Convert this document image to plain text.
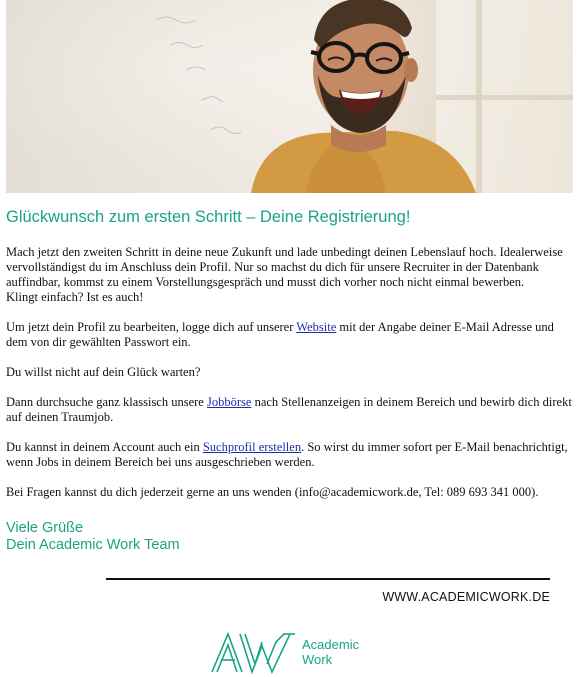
Glückwunsch zum ersten Schritt – Deine Registrierung!

Mach jetzt den zweiten Schritt in deine neue Zukunft und lade unbedingt deinen Lebenslauf hoch. Idealerweise vervollständigst du im Anschluss dein Profil. Nur so machst du dich für unsere Recruiter in der Datenbank auffindbar, kommst zu einem Vorstellungsgespräch und musst dich vorher noch nicht einmal bewerben.
Klingt einfach? Ist es auch!

Um jetzt dein Profil zu bearbeiten, logge dich auf unserer Website mit der Angabe deiner E-Mail Adresse und dem von dir gewählten Passwort ein.

Du willst nicht auf dein Glück warten?

Dann durchsuche ganz klassisch unsere Jobbörse nach Stellenanzeigen in deinem Bereich und bewirb dich direkt auf deinen Traumjob.

Du kannst in deinem Account auch ein Suchprofil erstellen. So wirst du immer sofort per E-Mail benachrichtigt, wenn Jobs in deinem Bereich bei uns ausgeschrieben werden.

Bei Fragen kannst du dich jederzeit gerne an uns wenden (info@academicwork.de, Tel: 089 693 341 000).

Viele Grüße
Dein Academic Work Team
WWW.ACADEMICWORK.DE
Academic
Work
